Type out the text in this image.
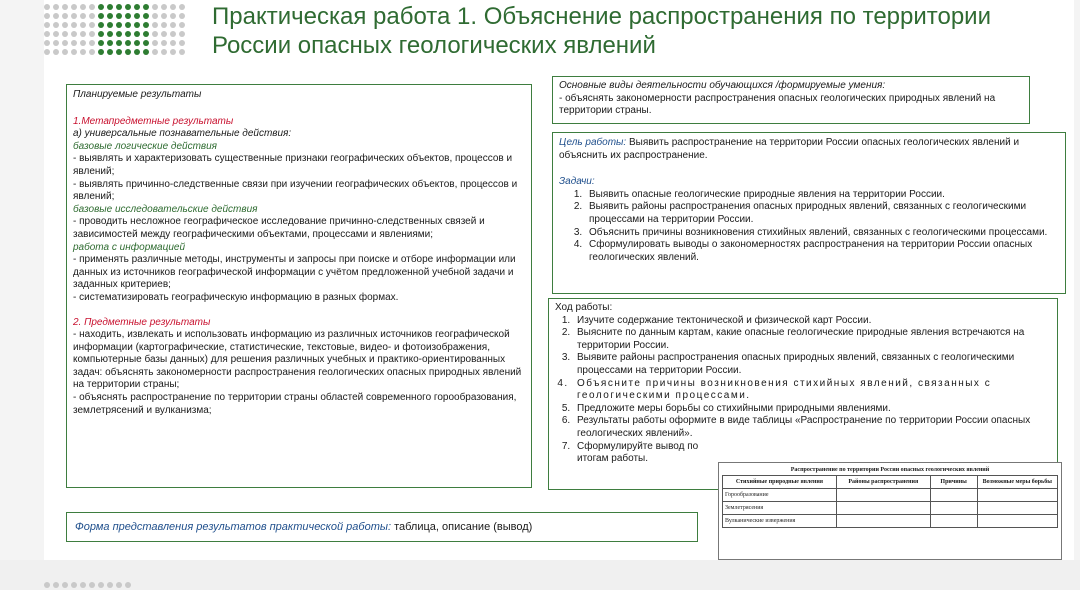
Практическая работа 1. Объяснение распространения по территории России опасных геологических явлений
Планируемые результаты
1.Метапредметные результаты
а) универсальные познавательные действия:
базовые логические действия
- выявлять и характеризовать существенные признаки географических объектов, процессов и явлений;
- выявлять причинно-следственные связи при изучении географических объектов, процессов и явлений;
базовые исследовательские действия
- проводить несложное географическое исследование причинно-следственных связей и зависимостей между географическими объектами, процессами и явлениями;
работа с информацией
- применять различные методы, инструменты и запросы при поиске и отборе информации или данных из источников географической информации с учётом предложенной учебной задачи и заданных критериев;
- систематизировать географическую информацию в разных формах.
2. Предметные результаты
- находить, извлекать и использовать информацию из различных источников географической информации (картографические, статистические, текстовые, видео- и фотоизображения, компьютерные базы данных) для решения различных учебных и практико-ориентированных задач: объяснять закономерности распространения геологических опасных природных явлений на территории страны;
- объяснять распространение по территории страны областей современного горообразования, землетрясений и вулканизма;
Форма представления результатов практической работы: таблица, описание (вывод)
Основные виды деятельности обучающихся /формируемые умения:
- объяснять закономерности распространения опасных геологических природных явлений на территории страны.
Цель работы: Выявить распространение на территории России опасных геологических явлений и объяснить их распространение.
Задачи:
1. Выявить опасные геологические природные явления на территории России.
2. Выявить районы распространения опасных природных явлений, связанных с геологическими процессами на территории России.
3. Объяснить причины возникновения стихийных явлений, связанных с геологическими процессами.
4. Сформулировать выводы о закономерностях распространения на территории России опасных геологических явлений.
Ход работы:
1. Изучите содержание тектонической и физической карт России.
2. Выясните по данным картам, какие опасные геологические природные явления встречаются на территории России.
3. Выявите районы распространения опасных природных явлений, связанных с геологическими процессами на территории России.
4. Объясните причины возникновения стихийных явлений, связанных с геологическими процессами.
5. Предложите меры борьбы со стихийными природными явлениями.
6. Результаты работы оформите в виде таблицы «Распространение по территории России опасных геологических явлений».
7. Сформулируйте вывод по итогам работы.
Распространение по территории России опасных геологических явлений
Стихийные природные явления	Районы распространения	Причины	Возможные меры борьбы
Горообразование			
Землетрясения			
Вулканические извержения			
